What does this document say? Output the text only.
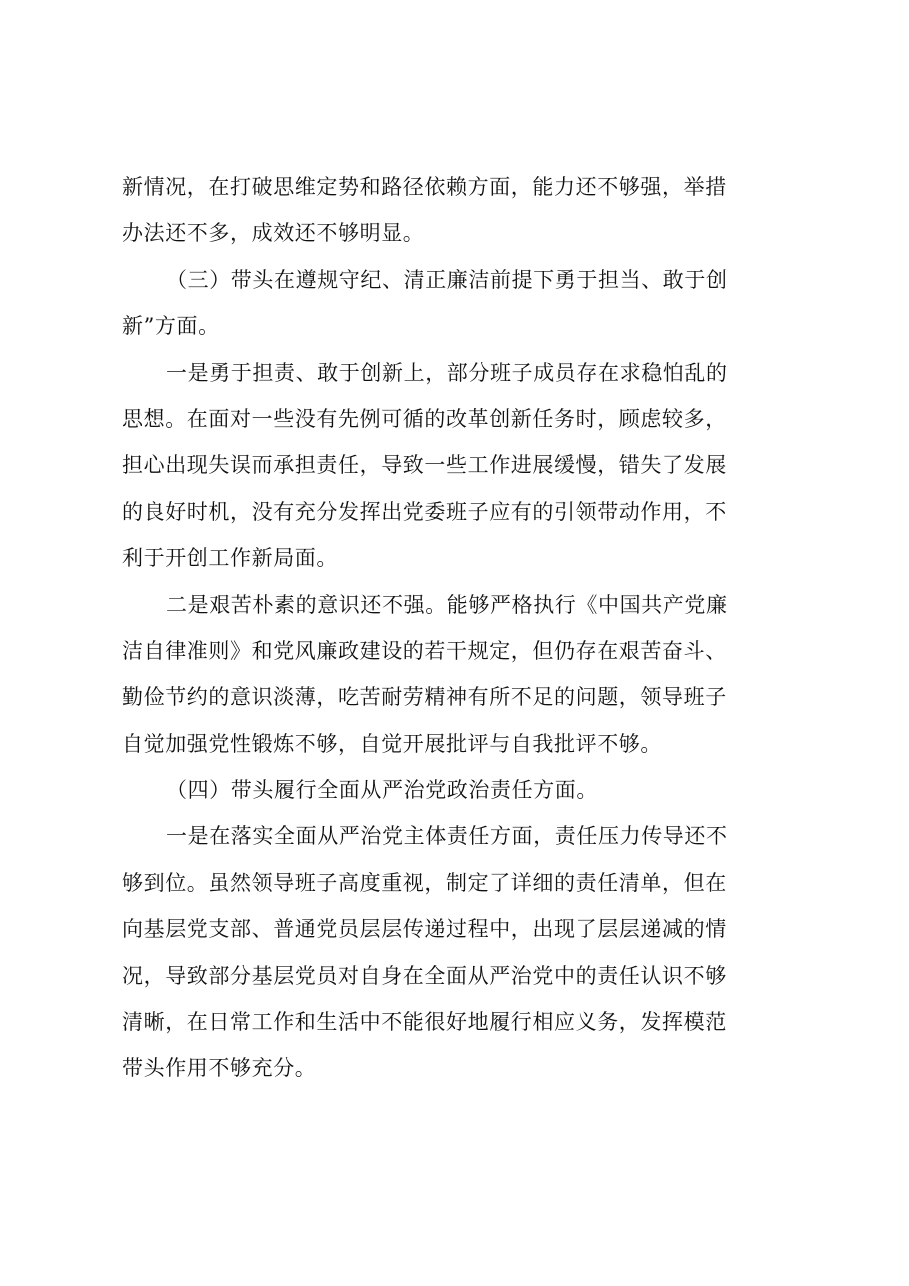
新情况，在打破思维定势和路径依赖方面，能力还不够强，举措
办法还不多，成效还不够明显。
（三）带头在遵规守纪、清正廉洁前提下勇于担当、敢于创
新”方面。
一是勇于担责、敢于创新上，部分班子成员存在求稳怕乱的
思想。在面对一些没有先例可循的改革创新任务时，顾虑较多，
担心出现失误而承担责任，导致一些工作进展缓慢，错失了发展
的良好时机，没有充分发挥出党委班子应有的引领带动作用，不
利于开创工作新局面。
二是艰苦朴素的意识还不强。能够严格执行《中国共产党廉
洁自律准则》和党风廉政建设的若干规定，但仍存在艰苦奋斗、
勤俭节约的意识淡薄，吃苦耐劳精神有所不足的问题，领导班子
自觉加强党性锻炼不够，自觉开展批评与自我批评不够。
（四）带头履行全面从严治党政治责任方面。
一是在落实全面从严治党主体责任方面，责任压力传导还不
够到位。虽然领导班子高度重视，制定了详细的责任清单，但在
向基层党支部、普通党员层层传递过程中，出现了层层递减的情
况，导致部分基层党员对自身在全面从严治党中的责任认识不够
清晰，在日常工作和生活中不能很好地履行相应义务，发挥模范
带头作用不够充分。
